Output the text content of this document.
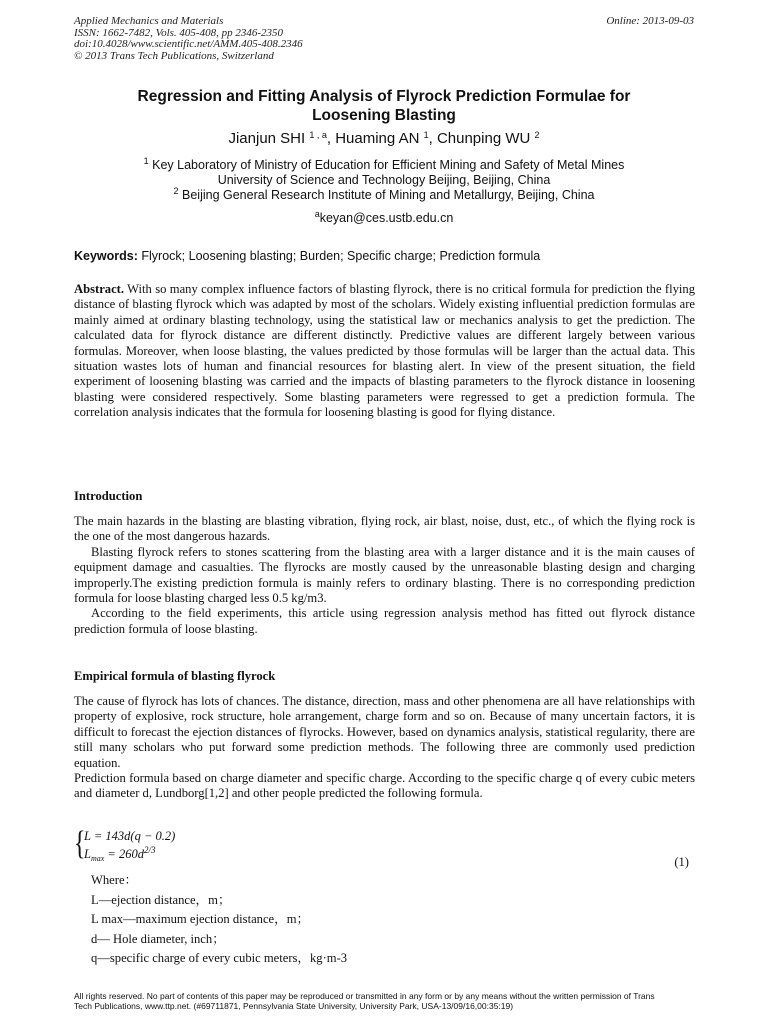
Applied Mechanics and Materials
ISSN: 1662-7482, Vols. 405-408, pp 2346-2350
doi:10.4028/www.scientific.net/AMM.405-408.2346
© 2013 Trans Tech Publications, Switzerland
Online: 2013-09-03
Regression and Fitting Analysis of Flyrock Prediction Formulae for
Loosening Blasting
Jianjun SHI $^{1 , a}$, Huaming AN $^1$, Chunping WU $^2$
$^1$ Key Laboratory of Ministry of Education for Efficient Mining and Safety of Metal Mines
University of Science and Technology Beijing, Beijing, China
$^2$ Beijing General Research Institute of Mining and Metallurgy, Beijing, China
$^a$keyan@ces.ustb.edu.cn
Keywords: Flyrock; Loosening blasting; Burden; Specific charge; Prediction formula
Abstract. With so many complex influence factors of blasting flyrock, there is no critical formula for prediction the flying distance of blasting flyrock which was adapted by most of the scholars. Widely existing influential prediction formulas are mainly aimed at ordinary blasting technology, using the statistical law or mechanics analysis to get the prediction. The calculated data for flyrock distance are different distinctly. Predictive values are different largely between various formulas. Moreover, when loose blasting, the values predicted by those formulas will be larger than the actual data. This situation wastes lots of human and financial resources for blasting alert. In view of the present situation, the field experiment of loosening blasting was carried and the impacts of blasting parameters to the flyrock distance in loosening blasting were considered respectively. Some blasting parameters were regressed to get a prediction formula. The correlation analysis indicates that the formula for loosening blasting is good for flying distance.
Introduction
The main hazards in the blasting are blasting vibration, flying rock, air blast, noise, dust, etc., of which the flying rock is the one of the most dangerous hazards.
Blasting flyrock refers to stones scattering from the blasting area with a larger distance and it is the main causes of equipment damage and casualties. The flyrocks are mostly caused by the unreasonable blasting design and charging improperly.The existing prediction formula is mainly refers to ordinary blasting. There is no corresponding prediction formula for loose blasting charged less 0.5 kg/m3.
According to the field experiments, this article using regression analysis method has fitted out flyrock distance prediction formula of loose blasting.
Empirical formula of blasting flyrock
The cause of flyrock has lots of chances. The distance, direction, mass and other phenomena are all have relationships with property of explosive, rock structure, hole arrangement, charge form and so on. Because of many uncertain factors, it is difficult to forecast the ejection distances of flyrocks. However, based on dynamics analysis, statistical regularity, there are still many scholars who put forward some prediction methods. The following three are commonly used prediction equation.
Prediction formula based on charge diameter and specific charge. According to the specific charge q of every cubic meters and diameter d, Lundborg[1,2] and other people predicted the following formula.
{
L = 143d(q − 0.2)
$L_{max} = 260d^{2/3}$
(1)
Where：
L—ejection distance，m；
L max—maximum ejection distance，m；
d— Hole diameter, inch；
q—specific charge of every cubic meters，kg·m-3
All rights reserved. No part of contents of this paper may be reproduced or transmitted in any form or by any means without the written permission of Trans
Tech Publications, www.ttp.net. (#69711871, Pennsylvania State University, University Park, USA-13/09/16,00:35:19)
